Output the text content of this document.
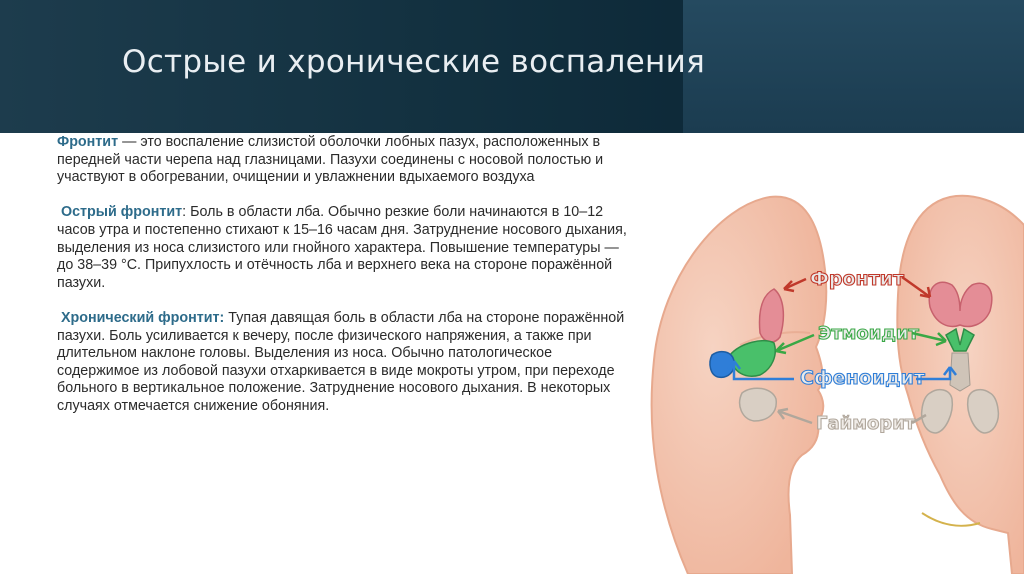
Острые и хронические воспаления

Фронтит — это воспаление слизистой оболочки лобных пазух, расположенных в передней части черепа над глазницами. Пазухи соединены с носовой полостью и участвуют в обогревании, очищении и увлажнении вдыхаемого воздуха

Острый фронтит: Боль в области лба. Обычно резкие боли начинаются в 10–12 часов утра и постепенно стихают к 15–16 часам дня. Затруднение носового дыхания, выделения из носа слизистого или гнойного характера. Повышение температуры — до 38–39 °С. Припухлость и отёчность лба и верхнего века на стороне поражённой пазухи.

Хронический фронтит: Тупая давящая боль в области лба на стороне поражённой пазухи. Боль усиливается к вечеру, после физического напряжения, а также при длительном наклоне головы. Выделения из носа. Обычно патологическое содержимое из лобовой пазухи отхаркивается в виде мокроты утром, при переходе больного в вертикальное положение. Затруднение носового дыхания. В некоторых случаях отмечается снижение обоняния.

Фронтит
Этмоидит
Сфеноидит
Гайморит
